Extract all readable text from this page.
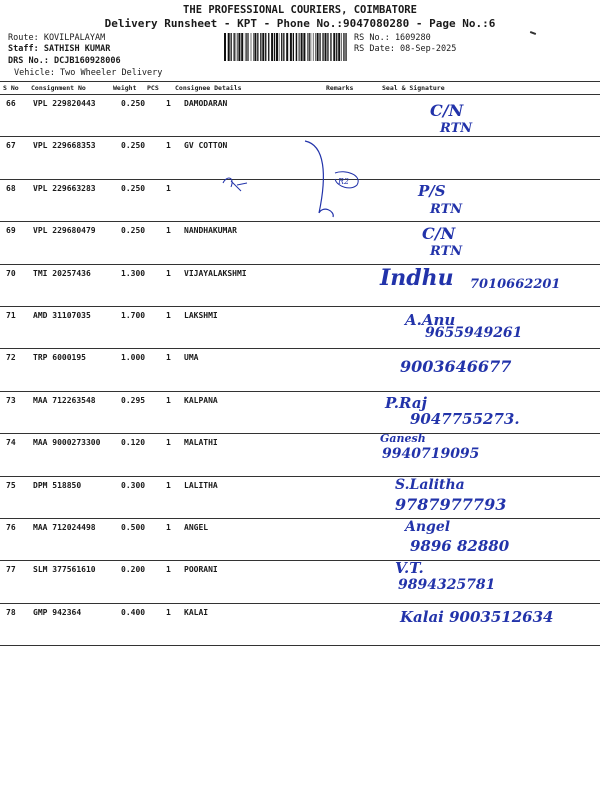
THE PROFESSIONAL COURIERS, COIMBATORE
Delivery Runsheet - KPT - Phone No.:9047080280 - Page No.:6
Route: KOVILPALAYAM
Staff: SATHISH KUMAR
DRS No.: DCJB160928006
Vehicle: Two Wheeler Delivery
RS No.: 1609280
RS Date: 08-Sep-2025
S No Consignment No	Weight PCS	Consignee Details	Remarks	Seal & Signature
66 VPL 229820443	0.250	1 DAMODARAN	C/N
RTN
67 VPL 229668353	0.250	1 GV COTTON
68 VPL 229663283	0.250	1	P/S
RTN
69 VPL 229680479	0.250	1 NANDHAKUMAR	C/N
RTN
70 TMI 20257436	1.300	1 VIJAYALAKSHMI	Indhu 7010662201
71 AMD 31107035	1.700	1 LAKSHMI	A.Anu
9655949261
72 TRP 6000195	1.000	1 UMA	9003646677
73 MAA 712263548	0.295	1 KALPANA	P.Raj
9047755273.
74 MAA 9000273300	0.120	1 MALATHI	Ganesh
9940719095
75 DPM 518850	0.300	1 LALITHA	S.Lalitha
9787977793
76 MAA 712024498	0.500	1 ANGEL	Angel
9896 82880
77 SLM 377561610	0.200	1 POORANI	V.T.
9894325781
78 GMP 942364	0.400	1 KALAI	Kalai 9003512634
R2
